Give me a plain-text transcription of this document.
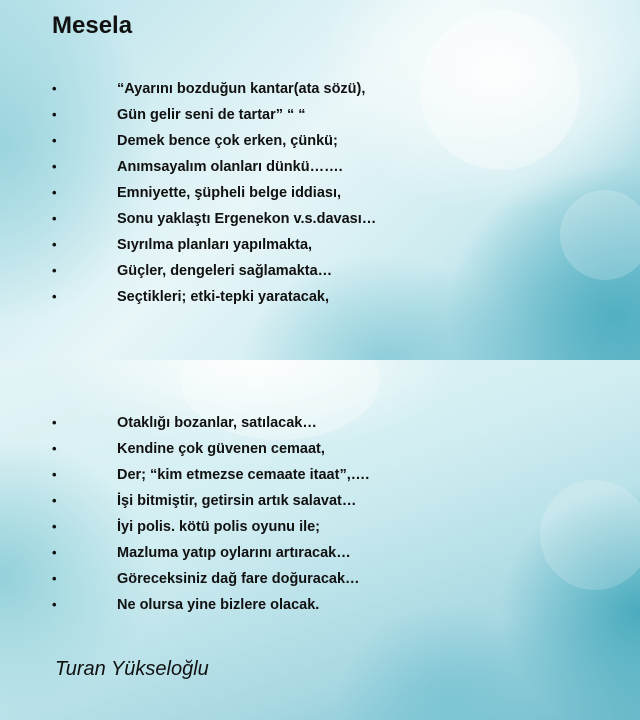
Mesela
•	“Ayarını bozduğun kantar(ata sözü),
•	Gün gelir seni de tartar” “ “
•	Demek bence çok erken, çünkü;
•	Anımsayalım olanları dünkü…….
•	Emniyette, şüpheli belge iddiası,
•	Sonu yaklaştı Ergenekon v.s.davası…
•	Sıyrılma planları yapılmakta,
•	Güçler, dengeleri sağlamakta…
•	Seçtikleri; etki-tepki yaratacak,
•	Otaklığı bozanlar, satılacak…
•	Kendine çok güvenen cemaat,
•	Der; “kim etmezse cemaate itaat”,….
•	İşi bitmiştir, getirsin artık salavat…
•	İyi polis. kötü polis oyunu ile;
•	Mazluma yatıp oylarını artıracak…
•	Göreceksiniz dağ fare doğuracak…
•	Ne olursa yine bizlere olacak.
Turan Yükseloğlu
